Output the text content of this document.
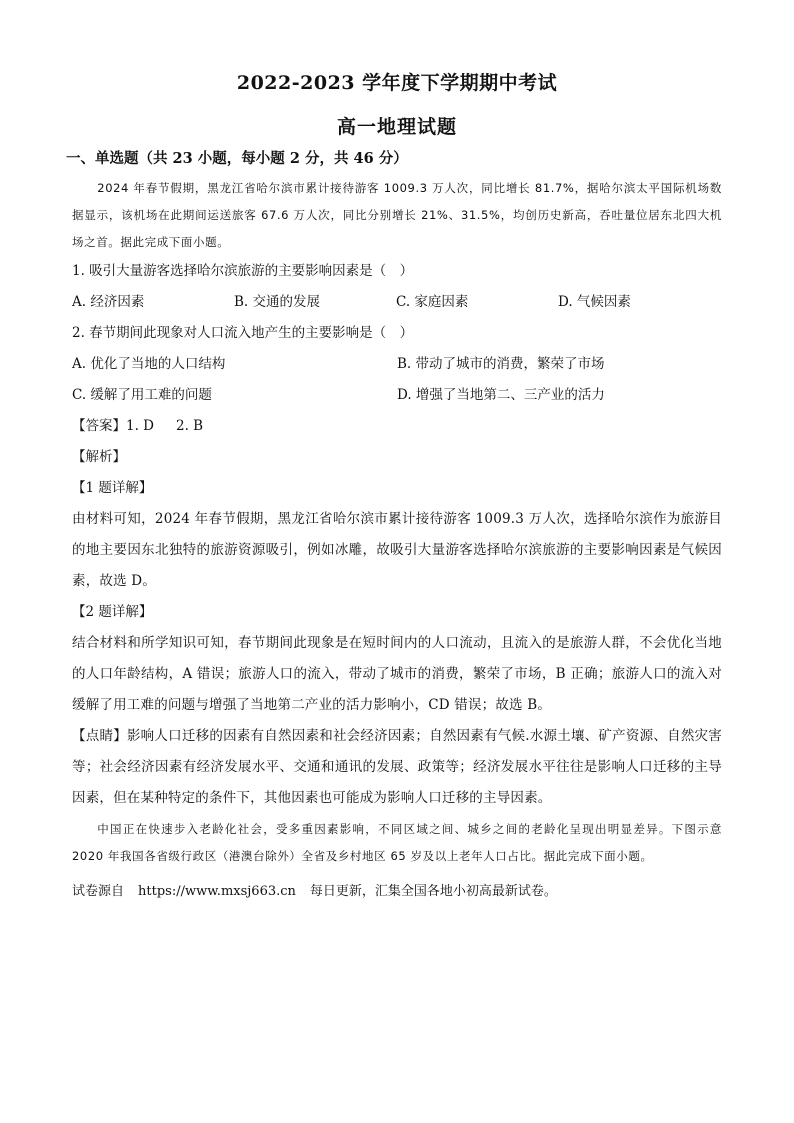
2022-2023 学年度下学期期中考试
高一地理试题
一、单选题（共 23 小题，每小题 2 分，共 46 分）
2024 年春节假期，黑龙江省哈尔滨市累计接待游客 1009.3 万人次，同比增长 81.7%，据哈尔滨太平国际机场数据显示，该机场在此期间运送旅客 67.6 万人次，同比分别增长 21%、31.5%，均创历史新高，吞吐量位居东北四大机场之首。据此完成下面小题。
1. 吸引大量游客选择哈尔滨旅游的主要影响因素是（　）
A. 经济因素	B. 交通的发展	C. 家庭因素	D. 气候因素
2. 春节期间此现象对人口流入地产生的主要影响是（　）
A. 优化了当地的人口结构	B. 带动了城市的消费，繁荣了市场
C. 缓解了用工难的问题	D. 增强了当地第二、三产业的活力
【答案】1. D 2. B
【解析】
【1 题详解】
由材料可知，2024 年春节假期，黑龙江省哈尔滨市累计接待游客 1009.3 万人次，选择哈尔滨作为旅游目的地主要因东北独特的旅游资源吸引，例如冰雕，故吸引大量游客选择哈尔滨旅游的主要影响因素是气候因素，故选 D。
【2 题详解】
结合材料和所学知识可知，春节期间此现象是在短时间内的人口流动，且流入的是旅游人群，不会优化当地的人口年龄结构，A 错误；旅游人口的流入，带动了城市的消费，繁荣了市场，B 正确；旅游人口的流入对缓解了用工难的问题与增强了当地第二产业的活力影响小，CD 错误；故选 B。
【点睛】影响人口迁移的因素有自然因素和社会经济因素；自然因素有气候.水源土壤、矿产资源、自然灾害等；社会经济因素有经济发展水平、交通和通讯的发展、政策等；经济发展水平往往是影响人口迁移的主导因素，但在某种特定的条件下，其他因素也可能成为影响人口迁移的主导因素。
中国正在快速步入老龄化社会，受多重因素影响，不同区域之间、城乡之间的老龄化呈现出明显差异。下图示意 2020 年我国各省级行政区（港澳台除外）全省及乡村地区 65 岁及以上老年人口占比。据此完成下面小题。
试卷源自 https://www.mxsj663.cn 每日更新，汇集全国各地小初高最新试卷。
